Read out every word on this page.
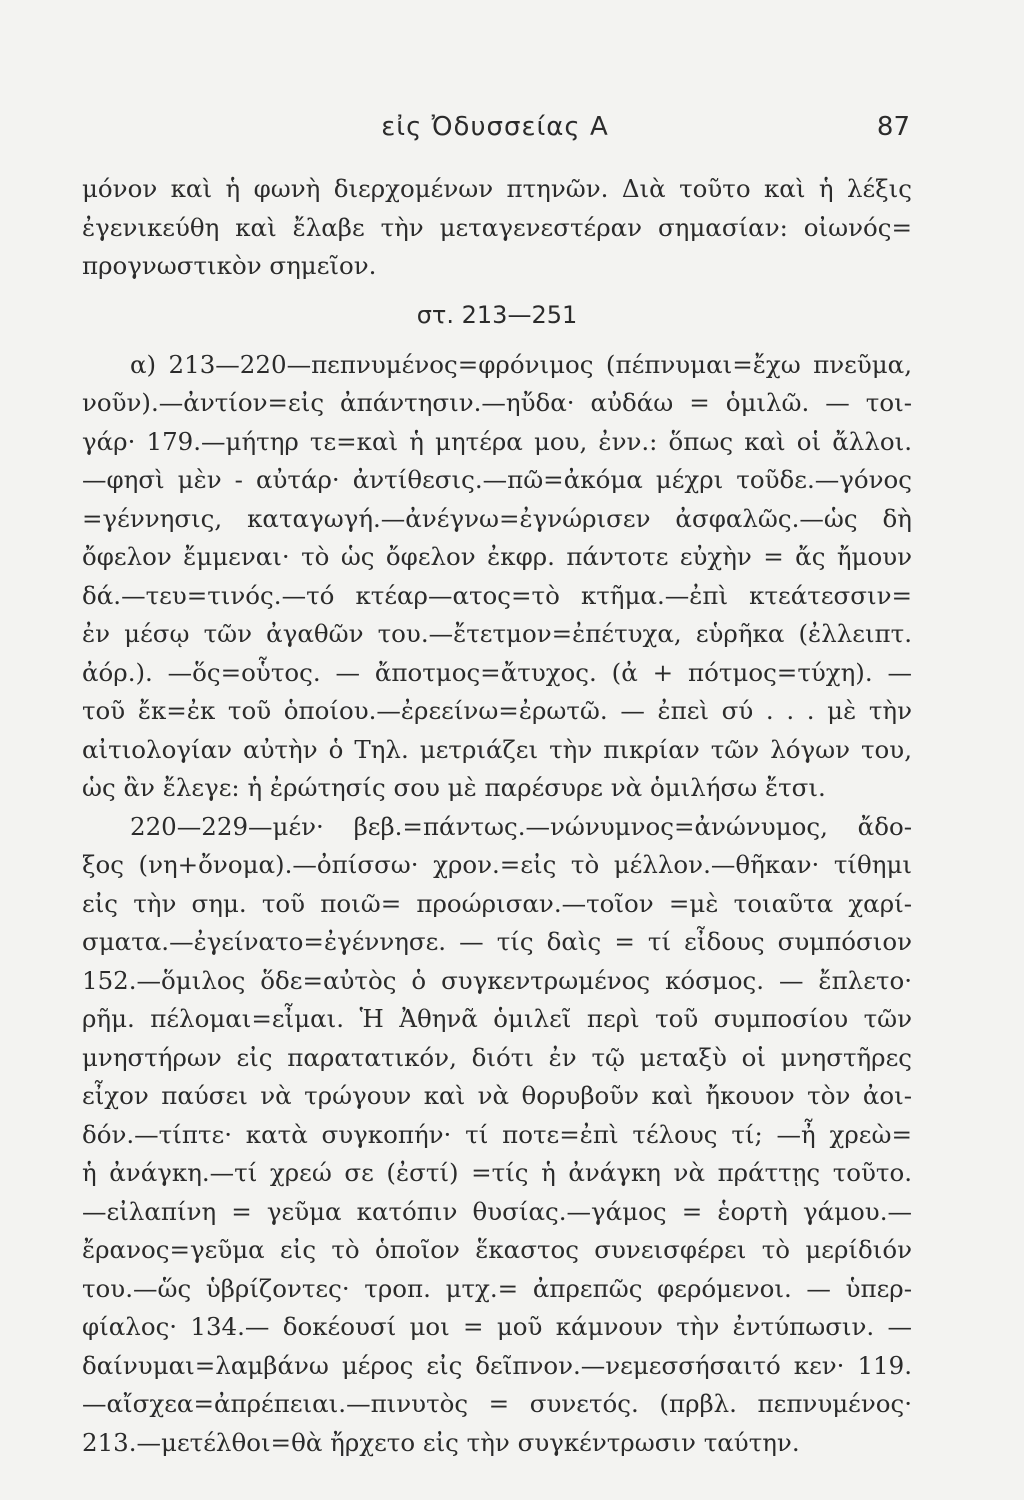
εἰς Ὀδυσσείας Α	87
μόνον καὶ ἡ φωνὴ διερχομένων πτηνῶν. Διὰ τοῦτο καὶ ἡ λέξις
ἐγενικεύθη καὶ ἔλαβε τὴν μεταγενεστέραν σημασίαν: οἰωνός=
προγνωστικὸν σημεῖον.
στ. 213—251
α) 213—220—πεπνυμένος=φρόνιμος (πέπνυμαι=ἔχω πνεῦμα,
νοῦν).—ἀντίον=εἰς ἀπάντησιν.—ηὔδα· αὐδάω = ὁμιλῶ. — τοι-
γάρ· 179.—μήτηρ τε=καὶ ἡ μητέρα μου, ἐνν.: ὅπως καὶ οἱ ἄλλοι.
—φησὶ μὲν - αὐτάρ· ἀντίθεσις.—πῶ=ἀκόμα μέχρι τοῦδε.—γόνος
=γέννησις, καταγωγή.—ἀνέγνω=ἐγνώρισεν ἀσφαλῶς.—ὡς δὴ
ὄφελον ἔμμεναι· τὸ ὡς ὄφελον ἐκφρ. πάντοτε εὐχὴν = ἄς ἤμουν
δά.—τευ=τινός.—τό κτέαρ—ατος=τὸ κτῆμα.—ἐπὶ κτεάτεσσιν=
ἐν μέσῳ τῶν ἀγαθῶν του.—ἔτετμον=ἐπέτυχα, εὑρῆκα (ἐλλειπτ.
ἀόρ.). —ὅς=οὗτος. — ἄποτμος=ἄτυχος. (ἀ + πότμος=τύχη). —
τοῦ ἔκ=ἐκ τοῦ ὁποίου.—ἐρεείνω=ἐρωτῶ. — ἐπεὶ σύ . . . μὲ τὴν
αἰτιολογίαν αὐτὴν ὁ Τηλ. μετριάζει τὴν πικρίαν τῶν λόγων του,
ὡς ἂν ἔλεγε: ἡ ἐρώτησίς σου μὲ παρέσυρε νὰ ὁμιλήσω ἔτσι.
220—229—μέν· βεβ.=πάντως.—νώνυμνος=ἀνώνυμος, ἄδο-
ξος (νη+ὄνομα).—ὀπίσσω· χρον.=εἰς τὸ μέλλον.—θῆκαν· τίθημι
εἰς τὴν σημ. τοῦ ποιῶ= προώρισαν.—τοῖον =μὲ τοιαῦτα χαρί-
σματα.—ἐγείνατο=ἐγέννησε. — τίς δαὶς = τί εἶδους συμπόσιον
152.—ὅμιλος ὅδε=αὐτὸς ὁ συγκεντρωμένος κόσμος. — ἔπλετο·
ρῆμ. πέλομαι=εἶμαι. Ἡ Ἀθηνᾶ ὁμιλεῖ περὶ τοῦ συμποσίου τῶν
μνηστήρων εἰς παρατατικόν, διότι ἐν τῷ μεταξὺ οἱ μνηστῆρες
εἶχον παύσει νὰ τρώγουν καὶ νὰ θορυβοῦν καὶ ἤκουον τὸν ἀοι-
δόν.—τίπτε· κατὰ συγκοπήν· τί ποτε=ἐπὶ τέλους τί; —ἦ χρεὼ=
ἡ ἀνάγκη.—τί χρεώ σε (ἐστί) =τίς ἡ ἀνάγκη νὰ πράττῃς τοῦτο.
—εἰλαπίνη = γεῦμα κατόπιν θυσίας.—γάμος = ἑορτὴ γάμου.—
ἔρανος=γεῦμα εἰς τὸ ὁποῖον ἕκαστος συνεισφέρει τὸ μερίδιόν
του.—ὥς ὑβρίζοντες· τροπ. μτχ.= ἀπρεπῶς φερόμενοι. — ὑπερ-
φίαλος· 134.— δοκέουσί μοι = μοῦ κάμνουν τὴν ἐντύπωσιν. —
δαίνυμαι=λαμβάνω μέρος εἰς δεῖπνον.—νεμεσσήσαιτό κεν· 119.
—αἴσχεα=ἀπρέπειαι.—πινυτὸς = συνετός. (πρβλ. πεπνυμένος·
213.—μετέλθοι=θὰ ἤρχετο εἰς τὴν συγκέντρωσιν ταύτην.
